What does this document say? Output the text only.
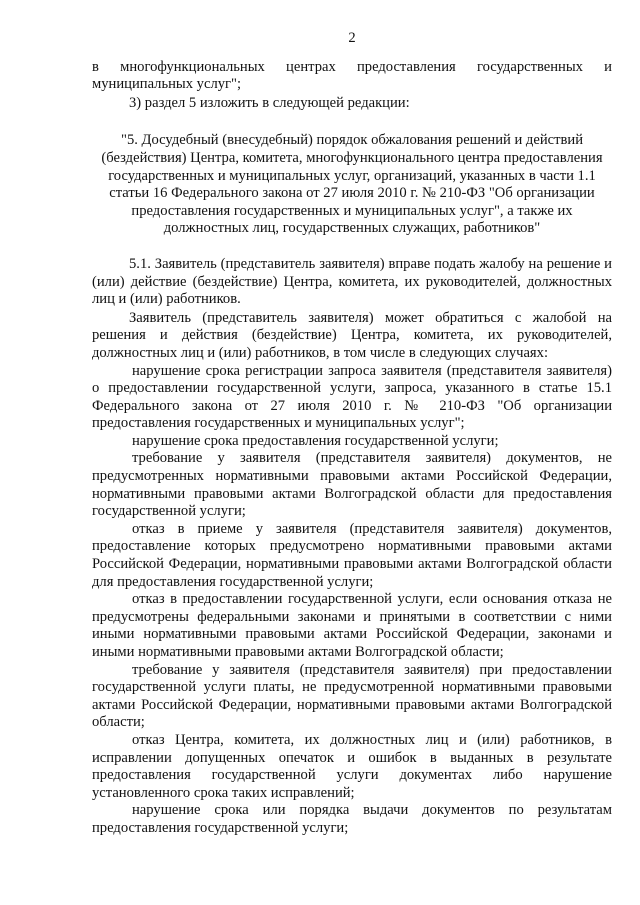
2

в многофункциональных центрах предоставления государственных и муниципальных услуг";

3) раздел 5 изложить в следующей редакции:

"5. Досудебный (внесудебный) порядок обжалования решений и действий (бездействия) Центра, комитета, многофункционального центра предоставления государственных и муниципальных услуг, организаций, указанных в части 1.1 статьи 16 Федерального закона от 27 июля 2010 г. № 210-ФЗ "Об организации предоставления государственных и муниципальных услуг", а также их должностных лиц, государственных служащих, работников"

5.1. Заявитель (представитель заявителя) вправе подать жалобу на решение и (или) действие (бездействие) Центра, комитета, их руководителей, должностных лиц и (или) работников.

Заявитель (представитель заявителя) может обратиться с жалобой на решения и действия (бездействие) Центра, комитета, их руководителей, должностных лиц и (или) работников, в том числе в следующих случаях:

нарушение срока регистрации запроса заявителя (представителя заявителя) о предоставлении государственной услуги, запроса, указанного в статье 15.1 Федерального закона от 27 июля 2010 г. № 210-ФЗ "Об организации предоставления государственных и муниципальных услуг";

нарушение срока предоставления государственной услуги;

требование у заявителя (представителя заявителя) документов, не предусмотренных нормативными правовыми актами Российской Федерации, нормативными правовыми актами Волгоградской области для предоставления государственной услуги;

отказ в приеме у заявителя (представителя заявителя) документов, предоставление которых предусмотрено нормативными правовыми актами Российской Федерации, нормативными правовыми актами Волгоградской области для предоставления государственной услуги;

отказ в предоставлении государственной услуги, если основания отказа не предусмотрены федеральными законами и принятыми в соответствии с ними иными нормативными правовыми актами Российской Федерации, законами и иными нормативными правовыми актами Волгоградской области;

требование у заявителя (представителя заявителя) при предоставлении государственной услуги платы, не предусмотренной нормативными правовыми актами Российской Федерации, нормативными правовыми актами Волгоградской области;

отказ Центра, комитета, их должностных лиц и (или) работников, в исправлении допущенных опечаток и ошибок в выданных в результате предоставления государственной услуги документах либо нарушение установленного срока таких исправлений;

нарушение срока или порядка выдачи документов по результатам предоставления государственной услуги;
